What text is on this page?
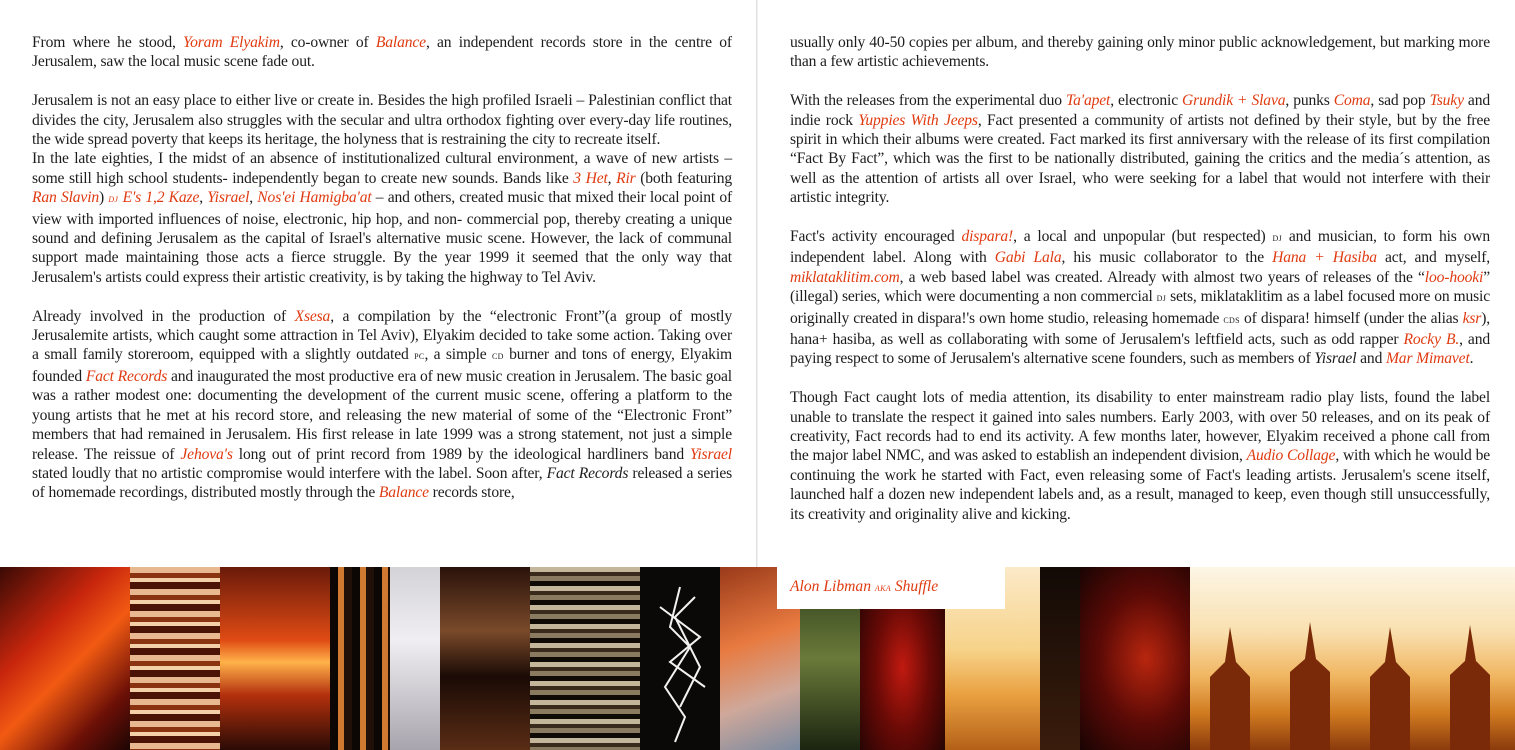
From where he stood, Yoram Elyakim, co-owner of Balance, an independent records store in the centre of Jerusalem, saw the local music scene fade out.

Jerusalem is not an easy place to either live or create in. Besides the high profiled Israeli – Palestinian conflict that divides the city, Jerusalem also struggles with the secular and ultra orthodox fighting over every-day life routines, the wide spread poverty that keeps its heritage, the holyness that is restraining the city to recreate itself.

In the late eighties, I the midst of an absence of institutionalized cultural environment, a wave of new artists – some still high school students- independently began to create new sounds. Bands like 3 Het, Rir (both featuring Ran Slavin) dj E's 1,2 Kaze, Yisrael, Nos'ei Hamigba'at – and others, created music that mixed their local point of view with imported influences of noise, electronic, hip hop, and non- commercial pop, thereby creating a unique sound and defining Jerusalem as the capital of Israel's alternative music scene. However, the lack of communal support made maintaining those acts a fierce struggle. By the year 1999 it seemed that the only way that Jerusalem's artists could express their artistic creativity, is by taking the highway to Tel Aviv.

Already involved in the production of Xsesa, a compilation by the “electronic Front”(a group of mostly Jerusalemite artists, which caught some attraction in Tel Aviv), Elyakim decided to take some action. Taking over a small family storeroom, equipped with a slightly outdated pc, a simple cd burner and tons of energy, Elyakim founded Fact Records and inaugurated the most productive era of new music creation in Jerusalem. The basic goal was a rather modest one: documenting the development of the current music scene, offering a platform to the young artists that he met at his record store, and releasing the new material of some of the “Electronic Front” members that had remained in Jerusalem. His first release in late 1999 was a strong statement, not just a simple release. The reissue of Jehova's long out of print record from 1989 by the ideological hardliners band Yisrael stated loudly that no artistic compromise would interfere with the label. Soon after, Fact Records released a series of homemade recordings, distributed mostly through the Balance records store,

usually only 40-50 copies per album, and thereby gaining only minor public acknowledgement, but marking more than a few artistic achievements.

With the releases from the experimental duo Ta'apet, electronic Grundik + Slava, punks Coma, sad pop Tsuky and indie rock Yuppies With Jeeps, Fact presented a community of artists not defined by their style, but by the free spirit in which their albums were created. Fact marked its first anniversary with the release of its first compilation “Fact By Fact”, which was the first to be nationally distributed, gaining the critics and the media´s attention, as well as the attention of artists all over Israel, who were seeking for a label that would not interfere with their artistic integrity.

Fact's activity encouraged dispara!, a local and unpopular (but respected) dj and musician, to form his own independent label. Along with Gabi Lala, his music collaborator to the Hana + Hasiba act, and myself, miklataklitim.com, a web based label was created. Already with almost two years of releases of the “loo-hooki” (illegal) series, which were documenting a non commercial dj sets, miklataklitim as a label focused more on music originally created in dispara!'s own home studio, releasing homemade cds of dispara! himself (under the alias ksr), hana+ hasiba, as well as collaborating with some of Jerusalem's leftfield acts, such as odd rapper Rocky B., and paying respect to some of Jerusalem's alternative scene founders, such as members of Yisrael and Mar Mimavet.

Though Fact caught lots of media attention, its disability to enter mainstream radio play lists, found the label unable to translate the respect it gained into sales numbers. Early 2003, with over 50 releases, and on its peak of creativity, Fact records had to end its activity. A few months later, however, Elyakim received a phone call from the major label NMC, and was asked to establish an independent division, Audio Collage, with which he would be continuing the work he started with Fact, even releasing some of Fact's leading artists. Jerusalem's scene itself, launched half a dozen new independent labels and, as a result, managed to keep, even though still unsuccessfully, its creativity and originality alive and kicking.

Alon Libman aka Shuffle
